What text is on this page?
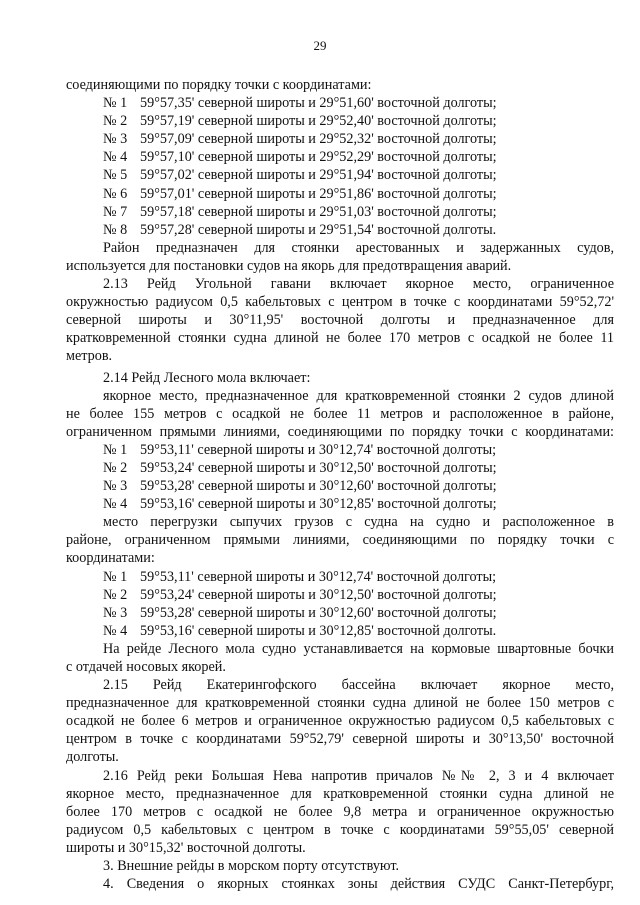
29
соединяющими по порядку точки с координатами:
№ 1 59°57,35' северной широты и 29°51,60' восточной долготы;
№ 2 59°57,19' северной широты и 29°52,40' восточной долготы;
№ 3 59°57,09' северной широты и 29°52,32' восточной долготы;
№ 4 59°57,10' северной широты и 29°52,29' восточной долготы;
№ 5 59°57,02' северной широты и 29°51,94' восточной долготы;
№ 6 59°57,01' северной широты и 29°51,86' восточной долготы;
№ 7 59°57,18' северной широты и 29°51,03' восточной долготы;
№ 8 59°57,28' северной широты и 29°51,54' восточной долготы.
Район предназначен для стоянки арестованных и задержанных судов,
используется для постановки судов на якорь для предотвращения аварий.
2.13 Рейд Угольной гавани включает якорное место, ограниченное
окружностью радиусом 0,5 кабельтовых с центром в точке с координатами 59°52,72'
северной широты и 30°11,95' восточной долготы и предназначенное для
кратковременной стоянки судна длиной не более 170 метров с осадкой не более 11
метров.
2.14 Рейд Лесного мола включает:
якорное место, предназначенное для кратковременной стоянки 2 судов длиной
не более 155 метров с осадкой не более 11 метров и расположенное в районе,
ограниченном прямыми линиями, соединяющими по порядку точки с координатами:
№ 1 59°53,11' северной широты и 30°12,74' восточной долготы;
№ 2 59°53,24' северной широты и 30°12,50' восточной долготы;
№ 3 59°53,28' северной широты и 30°12,60' восточной долготы;
№ 4 59°53,16' северной широты и 30°12,85' восточной долготы;
место перегрузки сыпучих грузов с судна на судно и расположенное в
районе, ограниченном прямыми линиями, соединяющими по порядку точки с
координатами:
№ 1 59°53,11' северной широты и 30°12,74' восточной долготы;
№ 2 59°53,24' северной широты и 30°12,50' восточной долготы;
№ 3 59°53,28' северной широты и 30°12,60' восточной долготы;
№ 4 59°53,16' северной широты и 30°12,85' восточной долготы.
На рейде Лесного мола судно устанавливается на кормовые швартовные бочки
с отдачей носовых якорей.
2.15 Рейд Екатерингофского бассейна включает якорное место,
предназначенное для кратковременной стоянки судна длиной не более 150 метров с
осадкой не более 6 метров и ограниченное окружностью радиусом 0,5 кабельтовых с
центром в точке с координатами 59°52,79' северной широты и 30°13,50' восточной
долготы.
2.16 Рейд реки Большая Нева напротив причалов №№ 2, 3 и 4 включает
якорное место, предназначенное для кратковременной стоянки судна длиной не
более 170 метров с осадкой не более 9,8 метра и ограниченное окружностью
радиусом 0,5 кабельтовых с центром в точке с координатами 59°55,05' северной
широты и 30°15,32' восточной долготы.
3. Внешние рейды в морском порту отсутствуют.
4. Сведения о якорных стоянках зоны действия СУДС Санкт-Петербург,
